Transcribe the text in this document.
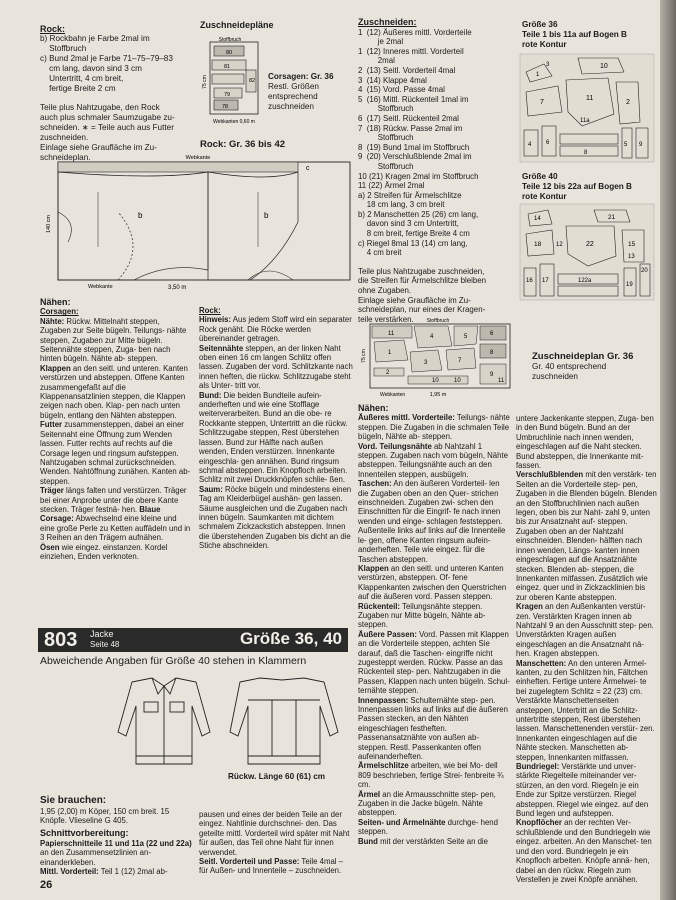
Rock:
b) Rockbahn je Farbe 2mal im
Stoffbruch
c) Bund 2mal je Farbe 71–75–79–83
cm lang, davon sind 3 cm
Untertritt, 4 cm breit,
fertige Breite 2 cm
Teile plus Nahtzugabe, den Rock
auch plus schmaler Saumzugabe zu-
schneiden. ∗ = Teile auch aus Futter
zuschneiden.
Einlage siehe Graufläche im Zu-
schneideplan.
Zuschneidepläne
Stoffbruch
75 cm
80
82
81
79
78
Webkanten 0,60 m
Corsagen: Gr. 36
Restl. Größen
entsprechend
zuschneiden
Rock: Gr. 36 bis 42
Webkante
Webkante	3,50 m
140 cm
c
b	b
Zuschneiden:
1  (12) Äußeres mittl. Vorderteile
je 2mal
1  (12) Inneres mittl. Vorderteil
2mal
2  (13) Seitl. Vorderteil 4mal
3  (14) Klappe 4mal
4  (15) Vord. Passe 4mal
5  (16) Mittl. Rückenteil 1mal im
Stoffbruch
6  (17) Seitl. Rückenteil 2mal
7  (18) Rückw. Passe 2mal im
Stoffbruch
8  (19) Bund 1mal im Stoffbruch
9  (20) Verschlußblende 2mal im
Stoffbruch
10 (21) Kragen 2mal im Stoffbruch
11 (22) Ärmel 2mal
a) 2 Streifen für Ärmelschlitze
18 cm lang, 3 cm breit
b) 2 Manschetten 25 (26) cm lang,
davon sind 3 cm Untertritt,
8 cm breit, fertige Breite 4 cm
c) Riegel 8mal 13 (14) cm lang,
4 cm breit
Teile plus Nahtzugabe zuschneiden,
die Streifen für Ärmelschlitze bleiben
ohne Zugaben.
Einlage siehe Graufläche im Zu-
schneideplan, nur eines der Kragen-
teile verstärken.
Größe 36
Teile 1 bis 11a auf Bogen B
rote Kontur
1
3	10
7
11
2
4 6	5
8
9
11a
Größe 40
Teile 12 bis 22a auf Bogen B
rote Kontur
14	21
18 12	22	15
13
17
16
19
20
122a
Stoffbruch
75 cm
1,95 m
Webkanten
11	4	5	6
1
3	7
8
9
2
10	10	11
Zuschneideplan Gr. 36
Gr. 40 entsprechend
zuschneiden
Nähen:
Corsagen:

Nähte: Rückw. Mittelnaht steppen, Zugaben zur Seite bügeln. Teilungs- nähte steppen, Zugaben zur Mitte bügeln. Seitennähte steppen, Zuga- ben nach hinten bügeln. Nähte ab- steppen.

Klappen an den seitl. und unteren. Kanten verstürzen und absteppen. Offene Kanten zusammengefaßt auf die Klappenansatzlinien steppen, die Klappen zeigen nach oben. Klap- pen nach unten bügeln, entlang den Nähten absteppen.

Futter zusammensteppen, dabei an einer Seitennaht eine Öffnung zum Wenden lassen. Futter rechts auf rechts auf die Corsage legen und ringsum aufsteppen. Nahtzugaben schmal zurückschneiden. Wenden. Nahtöffnung zunähen. Kanten ab- steppen.

Träger längs falten und verstürzen. Träger bei einer Anprobe unter die obere Kante stecken. Träger festnä- hen. Blaue Corsage: Abwechselnd eine kleine und eine große Perle zu Ketten auffädeln und in 3 Reihen an den Trägern aufnähen.

Ösen wie eingez. einstanzen. Kordel einziehen, Enden verknoten.

Rock:

Hinweis: Aus jedem Stoff wird ein separater Rock genäht. Die Röcke werden übereinander getragen.

Seitennähte steppen, an der linken Naht oben einen 16 cm langen Schlitz offen lassen. Zugaben der vord. Schlitzkante nach innen heften, die rückw. Schlitzzugabe steht als Unter- tritt vor.

Bund: Die beiden Bundteile aufein- anderheften und wie eine Stofflage weiterverarbeiten. Bund an die obe- re Rockkante steppen, Untertritt an die rückw. Schlitzzugabe steppen, Rest überstehen lassen. Bund zur Hälfte nach außen wenden, Enden verstürzen. Innenkante eingeschla- gen annähen. Bund ringsum schmal absteppen. Ein Knopfloch arbeiten. Schlitz mit zwei Druckknöpfen schlie- ßen.

Saum: Röcke bügeln und mindestens einen Tag am Kleiderbügel aushän- gen lassen. Säume ausgleichen und die Zugaben nach innen bügeln. Saumkanten mit dichtem schmalem Zickzackstich absteppen. Innen die überstehenden Zugaben bis dicht an die Stiche abschneiden.

803 Jacke
Seite 48	Größe 36, 40
Abweichende Angaben für Größe 40 stehen in Klammern
Rückw. Länge 60 (61) cm
Sie brauchen:
1,95 (2,00) m Köper, 150 cm breit. 15 Knöpfe. Vlieseline G 405.
Schnittvorbereitung:
Papierschnitteile 11 und 11a (22 und 22a) an den Zusammensetzlinien an- einanderkleben.
Mittl. Vorderteil: Teil 1 (12) 2mal ab-

pausen und eines der beiden Teile an der eingez. Nahtlinie durchschnei- den. Das geteilte mittl. Vorderteil wird später mit Naht für außen, das Teil ohne Naht für innen verwendet.

Seitl. Vorderteil und Passe: Teile 4mal – für Außen- und Innenteile – zuschneiden.

Nähen:

Äußeres mittl. Vorderteile: Teilungs- nähte steppen. Die Zugaben in die schmalen Teile bügeln, Nähte ab- steppen.

Vord. Teilungsnähte ab Nahtzahl 1 steppen. Zugaben nach vorn bügeln, Nähte absteppen. Teilungsnähte auch an den Innenteilen steppen, ausbügeln.

Taschen: An den äußeren Vorderteil- len die Zugaben oben an den Quer- strichen einschneiden. Zugaben zwi- schen den Einschnitten für die Eingrif- fe nach innen wenden und einge- schlagen feststeppen. Außenteile links auf links auf die Innenteile le- gen, offene Kanten ringsum aufein- anderheften. Teile wie eingez. für die Taschen absteppen.

Klappen an den seitl. und unteren Kanten verstürzen, absteppen. Of- fene Klappenkanten zwischen den Querstrichen auf die äußeren vord. Passen steppen.

Rückenteil: Teilungsnähte steppen. Zugaben nur Mitte bügeln, Nähte ab- steppen.

Äußere Passen: Vord. Passen mit Klappen an die Vorderteile steppen, achten Sie darauf, daß die Taschen- eingriffe nicht zugesteppt werden. Rückw. Passe an das Rückenteil step- pen. Nahtzugaben in die Passen, Klappen nach unten bügeln. Schul- ternähte steppen.

Innenpassen: Schulternähte step- pen. Innenpassen links auf links auf die äußeren Passen stecken, an den Nähten eingeschlagen festheften. Passenansatznähte von außen ab- steppen. Restl. Passenkanten offen aufeinanderheften.

Ärmelschlitze arbeiten, wie bei Mo- dell 809 beschrieben, fertige Strei- fenbreite ¾ cm.

Ärmel an die Armausschnitte step- pen, Zugaben in die Jacke bügeln. Nähte absteppen.

Seiten- und Ärmelnähte durchge- hend steppen.

Bund mit der verstärkten Seite an die

untere Jackenkante steppen, Zuga- ben in den Bund bügeln. Bund an der Umbruchlinie nach innen wenden, eingeschlagen auf die Naht stecken. Bund absteppen, die Innenkante mit- fassen.

Verschlußblenden mit den verstärk- ten Seiten an die Vorderteile step- pen, Zugaben in die Blenden bügeln. Blenden an den Stoffbruchlinien nach außen legen, oben bis zur Naht- zahl 9, unten bis zur Ansatznaht auf- steppen. Zugaben oben an der Nahtzahl einschneiden. Blenden- hälften nach innen wenden, Längs- kanten innen eingeschlagen auf die Ansatznähte stecken. Blenden ab- steppen, die Innenkanten mitfassen. Zusätzlich wie eingez. quer und in Zickzacklinien bis zur oberen Kante absteppen.

Kragen an den Außenkanten verstür- zen. Verstärkten Kragen innen ab Nahtzahl 9 an den Ausschnitt step- pen. Unverstärkten Kragen außen eingeschlagen an die Ansatznaht nä- hen. Kragen absteppen.

Manschetten: An den unteren Ärmel- kanten, zu den Schlitzen hin, Fältchen einheften. Fertige untere Ärmelwei- te bei zugelegtem Schlitz = 22 (23) cm. Verstärkte Manschettenseiten ansteppen, Untertritt an die Schlitz- untertritte steppen, Rest überstehen lassen. Manschettenenden verstür- zen. Innenkanten eingeschlagen auf die Nähte stecken. Manschetten ab- steppen, Innenkanten mitfassen.

Bundriegel: Verstärkte und unver- stärkte Riegelteile miteinander ver- stürzen, an den vord. Riegeln je ein Ende zur Spitze verstürzen. Riegel absteppen. Riegel wie eingez. auf den Bund legen und aufsteppen.

Knopflöcher an der rechten Ver- schlußblende und den Bundriegeln wie eingez. arbeiten. An den Manschet- ten und den vord. Bundriegeln je ein Knopfloch arbeiten. Knöpfe annä- hen, dabei an den rückw. Riegeln zum Verstellen je zwei Knöpfe annähen.

26
